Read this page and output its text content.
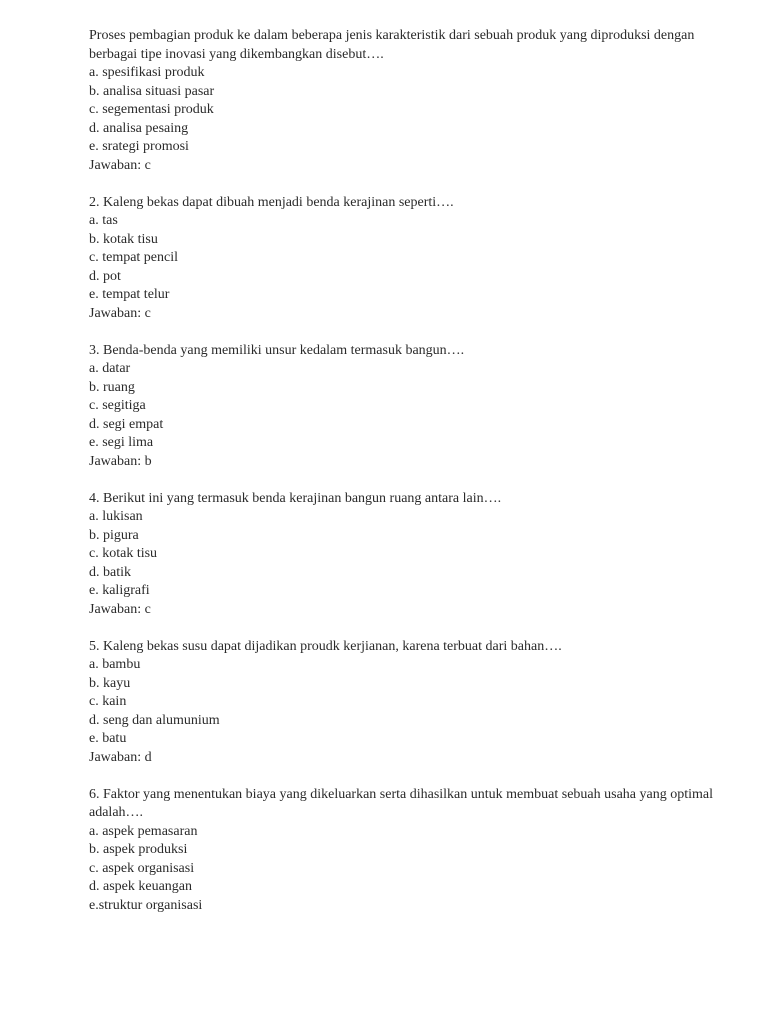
Proses pembagian produk ke dalam beberapa jenis karakteristik dari sebuah produk yang diproduksi dengan berbagai tipe inovasi yang dikembangkan disebut….

a. spesifikasi produk

b. analisa situasi pasar

c. segementasi produk

d. analisa pesaing

e. srategi promosi

Jawaban: c

2. Kaleng bekas dapat dibuah menjadi benda kerajinan seperti….

a. tas

b. kotak tisu

c. tempat pencil

d. pot

e. tempat telur

Jawaban: c

3. Benda-benda yang memiliki unsur kedalam termasuk bangun….

a. datar

b. ruang

c. segitiga

d. segi empat

e. segi lima

Jawaban: b

4. Berikut ini yang termasuk benda kerajinan bangun ruang antara lain….

a. lukisan

b. pigura

c. kotak tisu

d. batik

e. kaligrafi

Jawaban: c

5. Kaleng bekas susu dapat dijadikan proudk kerjianan, karena terbuat dari bahan….

a. bambu

b. kayu

c. kain

d. seng dan alumunium

e. batu

Jawaban: d

6. Faktor yang menentukan biaya yang dikeluarkan serta dihasilkan untuk membuat sebuah usaha yang optimal adalah….

a. aspek pemasaran

b. aspek produksi

c. aspek organisasi

d. aspek keuangan

e.struktur organisasi
